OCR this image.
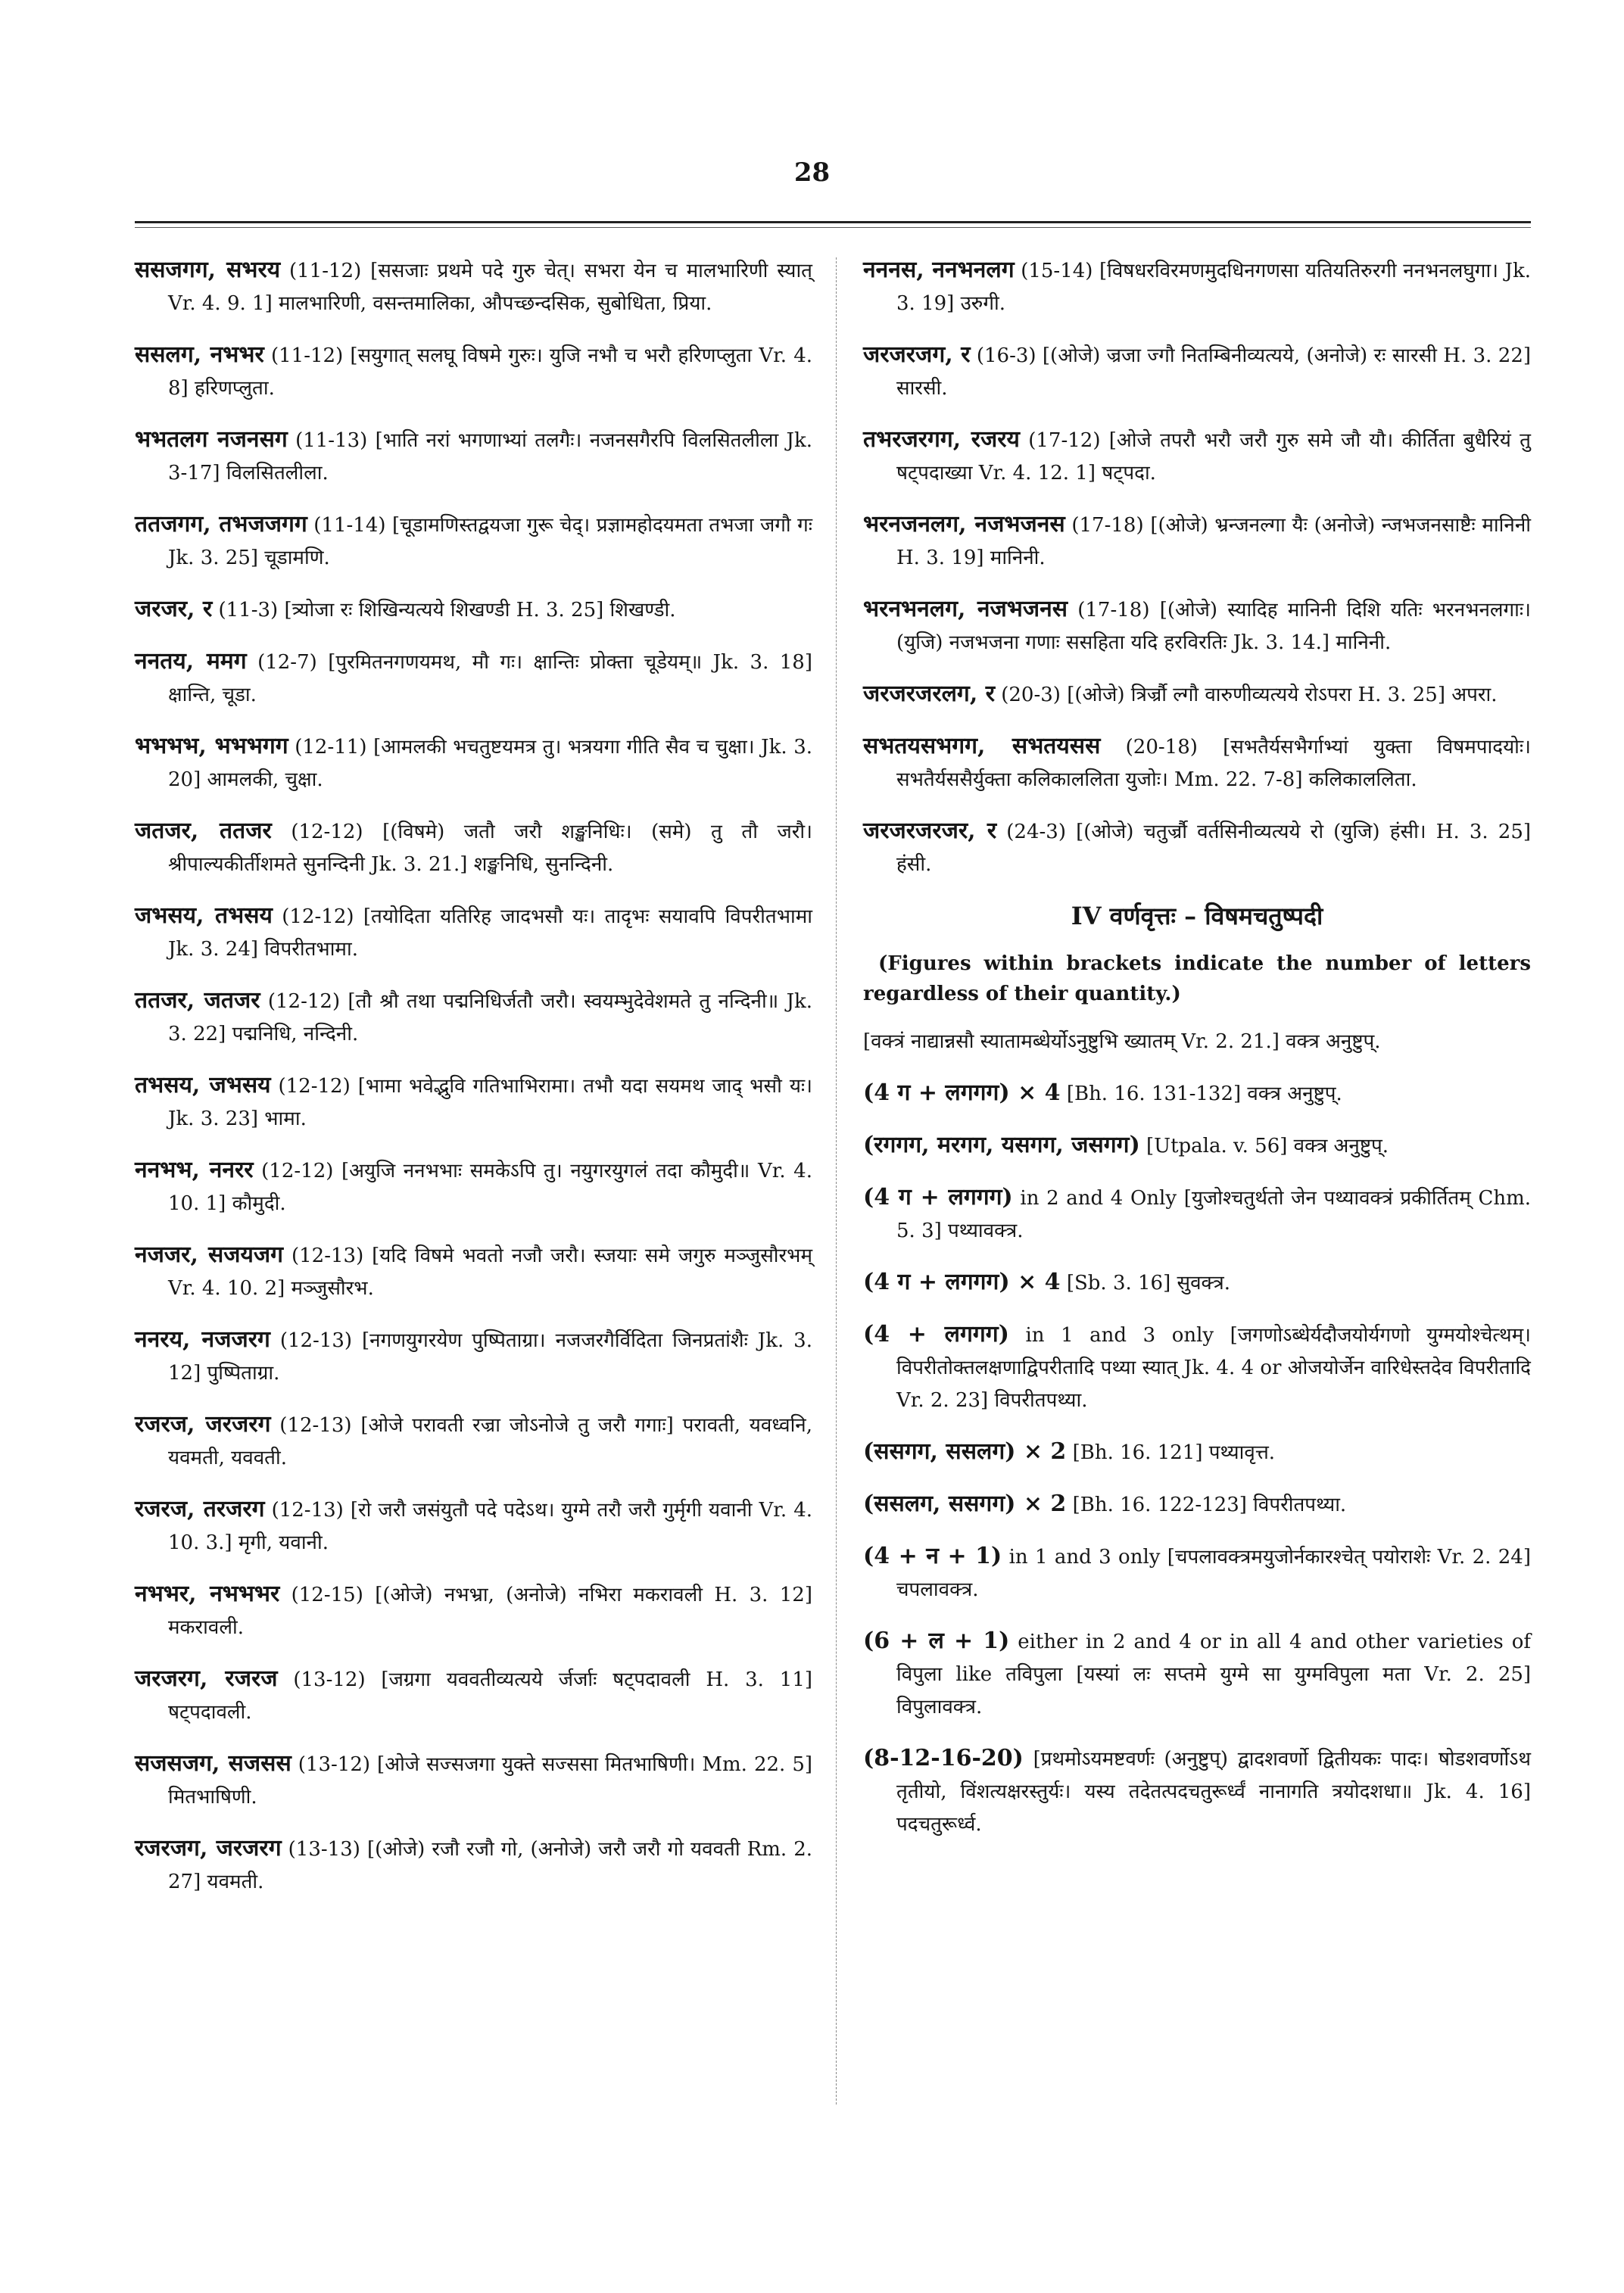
28
ससजगग, सभरय (11-12) [ससजाः प्रथमे पदे गुरु चेत्। सभरा येन च मालभारिणी स्यात् Vr. 4. 9. 1] मालभारिणी, वसन्तमालिका, औपच्छन्दसिक, सुबोधिता, प्रिया.
ससलग, नभभर (11-12) [सयुगात् सलघू विषमे गुरुः। युजि नभौ च भरौ हरिणप्लुता Vr. 4. 8] हरिणप्लुता.
भभतलग नजनसग (11-13) [भाति नरां भगणाभ्यां तलगैः। नजनसगैरपि विलसितलीला Jk. 3-17] विलसितलीला.
ततजगग, तभजजगग (11-14) [चूडामणिस्तद्वयजा गुरू चेद्। प्रज्ञामहोदयमता तभजा जगौ गः Jk. 3. 25] चूडामणि.
जरजर, र (11-3) [त्र्योजा रः शिखिन्यत्यये शिखण्डी H. 3. 25] शिखण्डी.
ननतय, ममग (12-7) [पुरमितनगणयमथ, मौ गः। क्षान्तिः प्रोक्ता चूडेयम्॥ Jk. 3. 18] क्षान्ति, चूडा.
भभभभ, भभभगग (12-11) [आमलकी भचतुष्टयमत्र तु। भत्रयगा गीति सैव च चुक्षा। Jk. 3. 20] आमलकी, चुक्षा.
जतजर, ततजर (12-12) [(विषमे) जतौ जरौ शङ्खनिधिः। (समे) तु तौ जरौ। श्रीपाल्यकीर्तीशमते सुनन्दिनी Jk. 3. 21.] शङ्खनिधि, सुनन्दिनी.
जभसय, तभसय (12-12) [तयोदिता यतिरिह जादभसौ यः। तादृभः सयावपि विपरीतभामा Jk. 3. 24] विपरीतभामा.
ततजर, जतजर (12-12) [तौ श्रौ तथा पद्मनिधिर्जतौ जरौ। स्वयम्भुदेवेशमते तु नन्दिनी॥ Jk. 3. 22] पद्मनिधि, नन्दिनी.
तभसय, जभसय (12-12) [भामा भवेद्भुवि गतिभाभिरामा। तभौ यदा सयमथ जाद् भसौ यः। Jk. 3. 23] भामा.
ननभभ, ननरर (12-12) [अयुजि ननभभाः समकेऽपि तु। नयुगरयुगलं तदा कौमुदी॥ Vr. 4. 10. 1] कौमुदी.
नजजर, सजयजग (12-13) [यदि विषमे भवतो नजौ जरौ। स्जयाः समे जगुरु मञ्जुसौरभम् Vr. 4. 10. 2] मञ्जुसौरभ.
ननरय, नजजरग (12-13) [नगणयुगरयेण पुष्पिताग्रा। नजजरगैर्विदिता जिनप्रतांशैः Jk. 3. 12] पुष्पिताग्रा.
रजरज, जरजरग (12-13) [ओजे परावती रज्रा जोऽनोजे तु जरौ गगाः] परावती, यवध्वनि, यवमती, यववती.
रजरज, तरजरग (12-13) [रो जरौ जसंयुतौ पदे पदेऽथ। युग्मे तरौ जरौ गुर्मृगी यवानी Vr. 4. 10. 3.] मृगी, यवानी.
नभभर, नभभभर (12-15) [(ओजे) नभभ्रा, (अनोजे) नभिरा मकरावली H. 3. 12] मकरावली.
जरजरग, रजरज (13-12) [जग्रगा यववतीव्यत्यये र्जर्जाः षट्पदावली H. 3. 11] षट्पदावली.
सजसजग, सजसस (13-12) [ओजे सज्सजगा युक्ते सज्ससा मितभाषिणी। Mm. 22. 5] मितभाषिणी.
रजरजग, जरजरग (13-13) [(ओजे) रजौ रजौ गो, (अनोजे) जरौ जरौ गो यववती Rm. 2. 27] यवमती.
नननस, ननभनलग (15-14) [विषधरविरमणमुदधिनगणसा यतियतिरुरगी ननभनलघुगा। Jk. 3. 19] उरुगी.
जरजरजग, र (16-3) [(ओजे) ज्रजा ज्गौ नितम्बिनीव्यत्यये, (अनोजे) रः सारसी H. 3. 22] सारसी.
तभरजरगग, रजरय (17-12) [ओजे तपरौ भरौ जरौ गुरु समे जौ यौ। कीर्तिता बुधैरियं तु षट्पदाख्या Vr. 4. 12. 1] षट्पदा.
भरनजनलग, नजभजनस (17-18) [(ओजे) भ्रन्जनल्गा यैः (अनोजे) न्जभजनसाष्टैः मानिनी H. 3. 19] मानिनी.
भरनभनलग, नजभजनस (17-18) [(ओजे) स्यादिह मानिनी दिशि यतिः भरनभनलगाः। (युजि) नजभजना गणाः ससहिता यदि हरविरतिः Jk. 3. 14.] मानिनी.
जरजरजरलग, र (20-3) [(ओजे) त्रिर्ज्रौ ल्गौ वारुणीव्यत्यये रोऽपरा H. 3. 25] अपरा.
सभतयसभगग, सभतयसस (20-18) [सभतैर्यसभैर्गाभ्यां युक्ता विषमपादयोः। सभतैर्यससैर्युक्ता कलिकाललिता युजोः। Mm. 22. 7-8] कलिकाललिता.
जरजरजरजर, र (24-3) [(ओजे) चतुर्ज्रौ वर्तसिनीव्यत्यये रो (युजि) हंसी। H. 3. 25] हंसी.
IV वर्णवृत्तः – विषमचतुष्पदी
(Figures within brackets indicate the number of letters regardless of their quantity.)
[वक्त्रं नाद्यान्नसौ स्यातामब्धेर्योऽनुष्टुभि ख्यातम् Vr. 2. 21.] वक्त्र अनुष्टुप्.
(4 ग + लगगग) × 4 [Bh. 16. 131-132] वक्त्र अनुष्टुप्.
(रगगग, मरगग, यसगग, जसगग) [Utpala. v. 56] वक्त्र अनुष्टुप्.
(4 ग + लगगग) in 2 and 4 Only [युजोश्चतुर्थतो जेन पथ्यावक्त्रं प्रकीर्तितम् Chm. 5. 3] पथ्यावक्त्र.
(4 ग + लगगग) × 4 [Sb. 3. 16] सुवक्त्र.
(4 + लगगग) in 1 and 3 only [जगणोऽब्धेर्यदौजयोर्यगणो युग्मयोश्चेत्थम्। विपरीतोक्तलक्षणाद्विपरीतादि पथ्या स्यात् Jk. 4. 4 or ओजयोर्जेन वारिधेस्तदेव विपरीतादि Vr. 2. 23] विपरीतपथ्या.
(ससगग, ससलग) × 2 [Bh. 16. 121] पथ्यावृत्त.
(ससलग, ससगग) × 2 [Bh. 16. 122-123] विपरीतपथ्या.
(4 + न + 1) in 1 and 3 only [चपलावक्त्रमयुजोर्नकारश्चेत् पयोराशेः Vr. 2. 24] चपलावक्त्र.
(6 + ल + 1) either in 2 and 4 or in all 4 and other varieties of विपुला like तविपुला [यस्यां लः सप्तमे युग्मे सा युग्मविपुला मता Vr. 2. 25] विपुलावक्त्र.
(8-12-16-20) [प्रथमोऽयमष्टवर्णः (अनुष्टुप्) द्वादशवर्णो द्वितीयकः पादः। षोडशवर्णोऽथ तृतीयो, विंशत्यक्षरस्तुर्यः। यस्य तदेतत्पदचतुरूर्ध्वं नानागति त्रयोदशधा॥ Jk. 4. 16] पदचतुरूर्ध्व.
